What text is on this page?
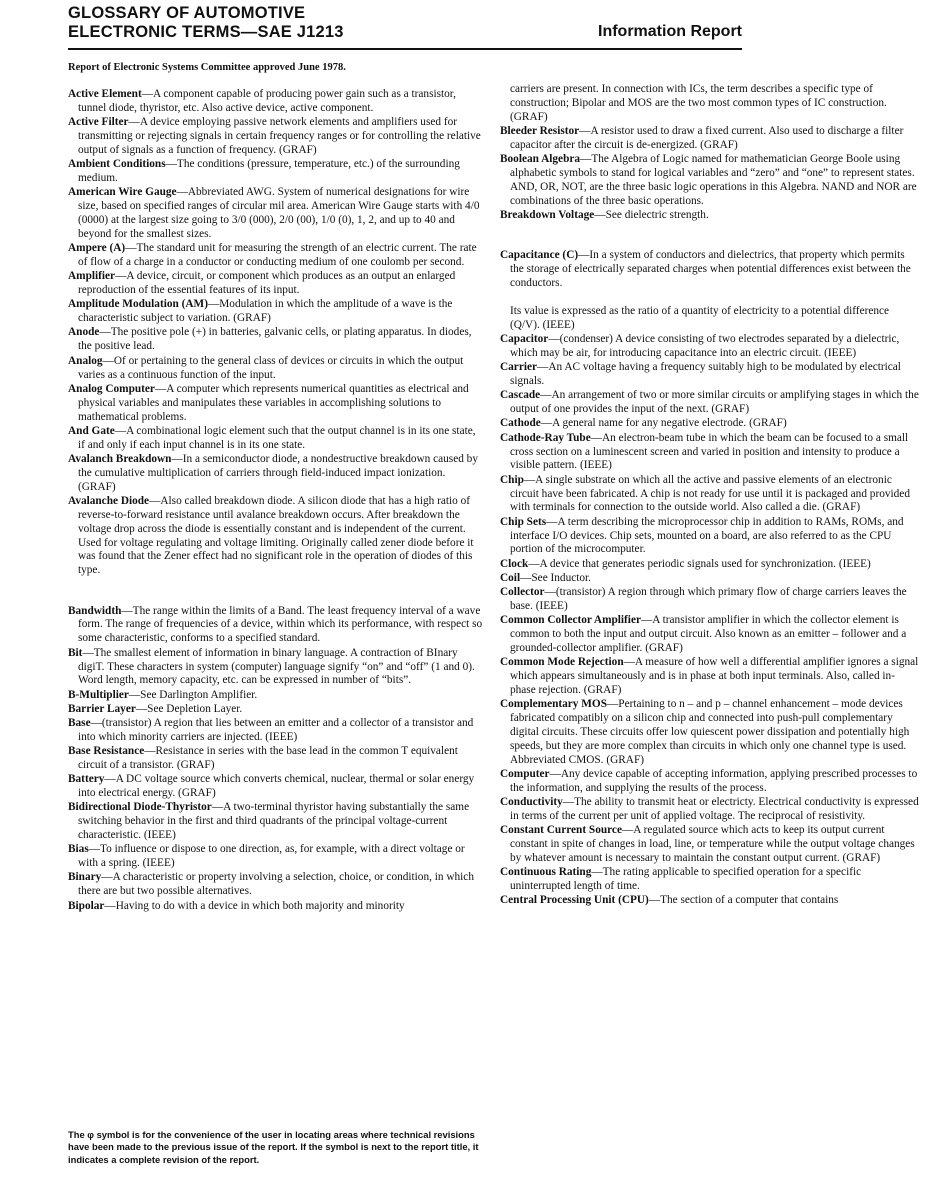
GLOSSARY OF AUTOMOTIVE
ELECTRONIC TERMS—SAE J1213	Information Report
Report of Electronic Systems Committee approved June 1978.

Active Element—A component capable of producing power gain such as a transistor, tunnel diode, thyristor, etc. Also active device, active component.

Active Filter—A device employing passive network elements and amplifiers used for transmitting or rejecting signals in certain frequency ranges or for controlling the relative output of signals as a function of frequency. (GRAF)

Ambient Conditions—The conditions (pressure, temperature, etc.) of the surrounding medium.

American Wire Gauge—Abbreviated AWG. System of numerical designations for wire size, based on specified ranges of circular mil area. American Wire Gauge starts with 4/0 (0000) at the largest size going to 3/0 (000), 2/0 (00), 1/0 (0), 1, 2, and up to 40 and beyond for the smallest sizes.

Ampere (A)—The standard unit for measuring the strength of an electric current. The rate of flow of a charge in a conductor or conducting medium of one coulomb per second.

Amplifier—A device, circuit, or component which produces as an output an enlarged reproduction of the essential features of its input.

Amplitude Modulation (AM)—Modulation in which the amplitude of a wave is the characteristic subject to variation. (GRAF)

Anode—The positive pole (+) in batteries, galvanic cells, or plating apparatus. In diodes, the positive lead.

Analog—Of or pertaining to the general class of devices or circuits in which the output varies as a continuous function of the input.

Analog Computer—A computer which represents numerical quantities as electrical and physical variables and manipulates these variables in accomplishing solutions to mathematical problems.

And Gate—A combinational logic element such that the output channel is in its one state, if and only if each input channel is in its one state.

Avalanch Breakdown—In a semiconductor diode, a nondestructive breakdown caused by the cumulative multiplication of carriers through field-induced impact ionization. (GRAF)

Avalanche Diode—Also called breakdown diode. A silicon diode that has a high ratio of reverse-to-forward resistance until avalance breakdown occurs. After breakdown the voltage drop across the diode is essentially constant and is independent of the current. Used for voltage regulating and voltage limiting. Originally called zener diode before it was found that the Zener effect had no significant role in the operation of diodes of this type.

Bandwidth—The range within the limits of a Band. The least frequency interval of a wave form. The range of frequencies of a device, within which its performance, with respect so some characteristic, conforms to a specified standard.

Bit—The smallest element of information in binary language. A contraction of BInary digiT. These characters in system (computer) language signify “on” and “off” (1 and 0). Word length, memory capacity, etc. can be expressed in number of “bits”.

B-Multiplier—See Darlington Amplifier.

Barrier Layer—See Depletion Layer.

Base—(transistor) A region that lies between an emitter and a collector of a transistor and into which minority carriers are injected. (IEEE)

Base Resistance—Resistance in series with the base lead in the common T equivalent circuit of a transistor. (GRAF)

Battery—A DC voltage source which converts chemical, nuclear, thermal or solar energy into electrical energy. (GRAF)

Bidirectional Diode-Thyristor—A two-terminal thyristor having substantially the same switching behavior in the first and third quadrants of the principal voltage-current characteristic. (IEEE)

Bias—To influence or dispose to one direction, as, for example, with a direct voltage or with a spring. (IEEE)

Binary—A characteristic or property involving a selection, choice, or condition, in which there are but two possible alternatives.

Bipolar—Having to do with a device in which both majority and minority

carriers are present. In connection with ICs, the term describes a specific type of construction; Bipolar and MOS are the two most common types of IC construction. (GRAF)

Bleeder Resistor—A resistor used to draw a fixed current. Also used to discharge a filter capacitor after the circuit is de-energized. (GRAF)

Boolean Algebra—The Algebra of Logic named for mathematician George Boole using alphabetic symbols to stand for logical variables and “zero” and “one” to represent states. AND, OR, NOT, are the three basic logic operations in this Algebra. NAND and NOR are combinations of the three basic operations.

Breakdown Voltage—See dielectric strength.

Capacitance (C)—In a system of conductors and dielectrics, that property which permits the storage of electrically separated charges when potential differences exist between the conductors.

Its value is expressed as the ratio of a quantity of electricity to a potential difference (Q/V). (IEEE)

Capacitor—(condenser) A device consisting of two electrodes separated by a dielectric, which may be air, for introducing capacitance into an electric circuit. (IEEE)

Carrier—An AC voltage having a frequency suitably high to be modulated by electrical signals.

Cascade—An arrangement of two or more similar circuits or amplifying stages in which the output of one provides the input of the next. (GRAF)

Cathode—A general name for any negative electrode. (GRAF)

Cathode-Ray Tube—An electron-beam tube in which the beam can be focused to a small cross section on a luminescent screen and varied in position and intensity to produce a visible pattern. (IEEE)

Chip—A single substrate on which all the active and passive elements of an electronic circuit have been fabricated. A chip is not ready for use until it is packaged and provided with terminals for connection to the outside world. Also called a die. (GRAF)

Chip Sets—A term describing the microprocessor chip in addition to RAMs, ROMs, and interface I/O devices. Chip sets, mounted on a board, are also referred to as the CPU portion of the microcomputer.

Clock—A device that generates periodic signals used for synchronization. (IEEE)

Coil—See Inductor.

Collector—(transistor) A region through which primary flow of charge carriers leaves the base. (IEEE)

Common Collector Amplifier—A transistor amplifier in which the collector element is common to both the input and output circuit. Also known as an emitter – follower and a grounded-collector amplifier. (GRAF)

Common Mode Rejection—A measure of how well a differential amplifier ignores a signal which appears simultaneously and is in phase at both input terminals. Also, called in-phase rejection. (GRAF)

Complementary MOS—Pertaining to n – and p – channel enhancement – mode devices fabricated compatibly on a silicon chip and connected into push-pull complementary digital circuits. These circuits offer low quiescent power dissipation and potentially high speeds, but they are more complex than circuits in which only one channel type is used. Abbreviated CMOS. (GRAF)

Computer—Any device capable of accepting information, applying prescribed processes to the information, and supplying the results of the process.

Conductivity—The ability to transmit heat or electricty. Electrical conductivity is expressed in terms of the current per unit of applied voltage. The reciprocal of resistivity.

Constant Current Source—A regulated source which acts to keep its output current constant in spite of changes in load, line, or temperature while the output voltage changes by whatever amount is necessary to maintain the constant output current. (GRAF)

Continuous Rating—The rating applicable to specified operation for a specific uninterrupted length of time.

Central Processing Unit (CPU)—The section of a computer that contains

The φ symbol is for the convenience of the user in locating areas where technical revisions have been made to the previous issue of the report. If the symbol is next to the report title, it indicates a complete revision of the report.
